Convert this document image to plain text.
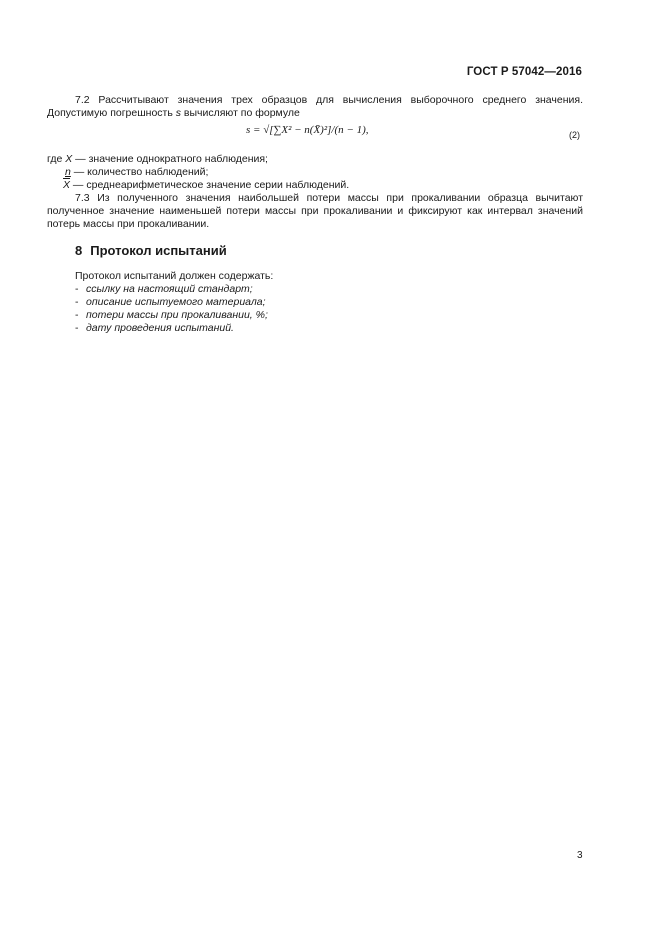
ГОСТ Р 57042—2016
7.2 Рассчитывают значения трех образцов для вычисления выборочного среднего значения.
Допустимую погрешность s вычисляют по формуле
s = √[∑X² − n(X̄)²]/(n − 1),	(2)
где X — значение однократного наблюдения;
n — количество наблюдений;
$\overline{X}$ — среднеарифметическое значение серии наблюдений.
7.3 Из полученного значения наибольшей потери массы при прокаливании образца вычитают
полученное значение наименьшей потери массы при прокаливании и фиксируют как интервал значений
потерь массы при прокаливании.
8 Протокол испытаний
Протокол испытаний должен содержать:
- ссылку на настоящий стандарт;
- описание испытуемого материала;
- потери массы при прокаливании, %;
- дату проведения испытаний.
3
